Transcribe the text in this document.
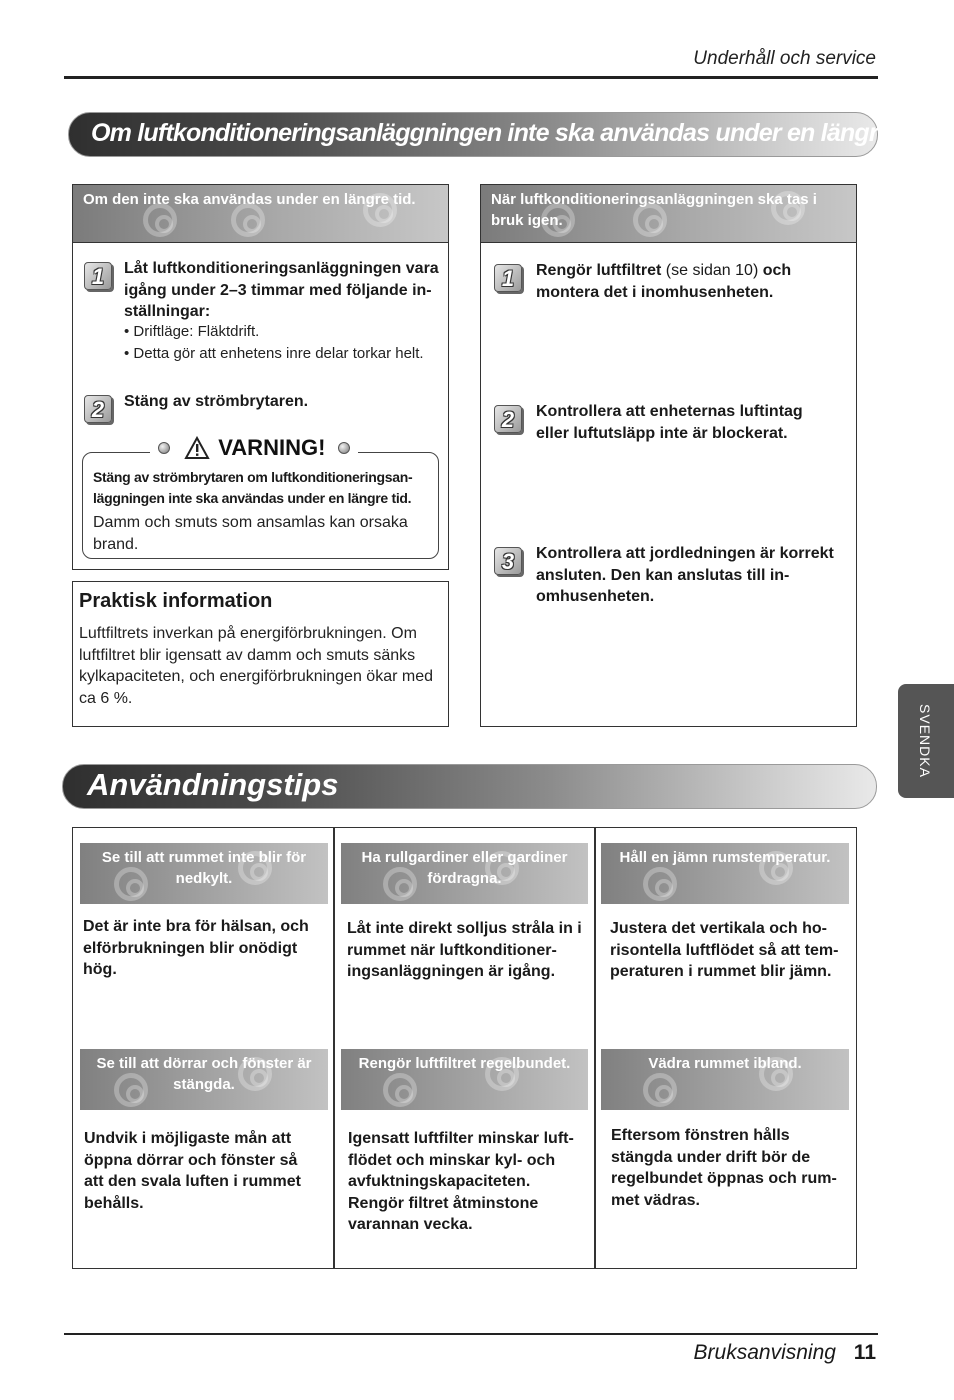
Underhåll och service
Om luftkonditioneringsanläggningen inte ska användas under en längre tid.
Om den inte ska användas under en längre tid.
1	Låt luftkonditioneringsanläggningen vara igång under 2–3 timmar med följande in-ställningar:
• Driftläge: Fläktdrift.
• Detta gör att enhetens inre delar torkar helt.
2	Stäng av strömbrytaren.
VARNING!
Stäng av strömbrytaren om luftkonditioneringsan-läggningen inte ska användas under en längre tid.
Damm och smuts som ansamlas kan orsaka brand.
Praktisk information
Luftfiltrets inverkan på energiförbrukningen. Om luftfiltret blir igensatt av damm och smuts sänks kylkapaciteten, och energiförbrukningen ökar med ca 6 %.
När luftkonditioneringsanläggningen ska tas i bruk igen.
1	Rengör luftfiltret (se sidan 10) och montera det i inomhusenheten.
2	Kontrollera att enheternas luftintag eller luftutsläpp inte är blockerat.
3	Kontrollera att jordledningen är korrekt ansluten. Den kan anslutas till in-omhusenheten.
SVENDKA
Användningstips
Se till att rummet inte blir för nedkylt.
Ha rullgardiner eller gardiner fördragna.
Håll en jämn rumstemperatur.
Det är inte bra för hälsan, och elförbrukningen blir onödigt hög.
Låt inte direkt solljus stråla in i rummet när luftkonditioner-ingsanläggningen är igång.
Justera det vertikala och ho-risontella luftflödet så att tem-peraturen i rummet blir jämn.
Se till att dörrar och fönster är stängda.
Rengör luftfiltret regelbundet.	Vädra rummet ibland.
Undvik i möjligaste mån att öppna dörrar och fönster så att den svala luften i rummet behålls.
Igensatt luftfilter minskar luft-flödet och minskar kyl- och avfuktningskapaciteten. Rengör filtret åtminstone varannan vecka.
Eftersom fönstren hålls stängda under drift bör de regelbundet öppnas och rum-met vädras.
Bruksanvisning 11
